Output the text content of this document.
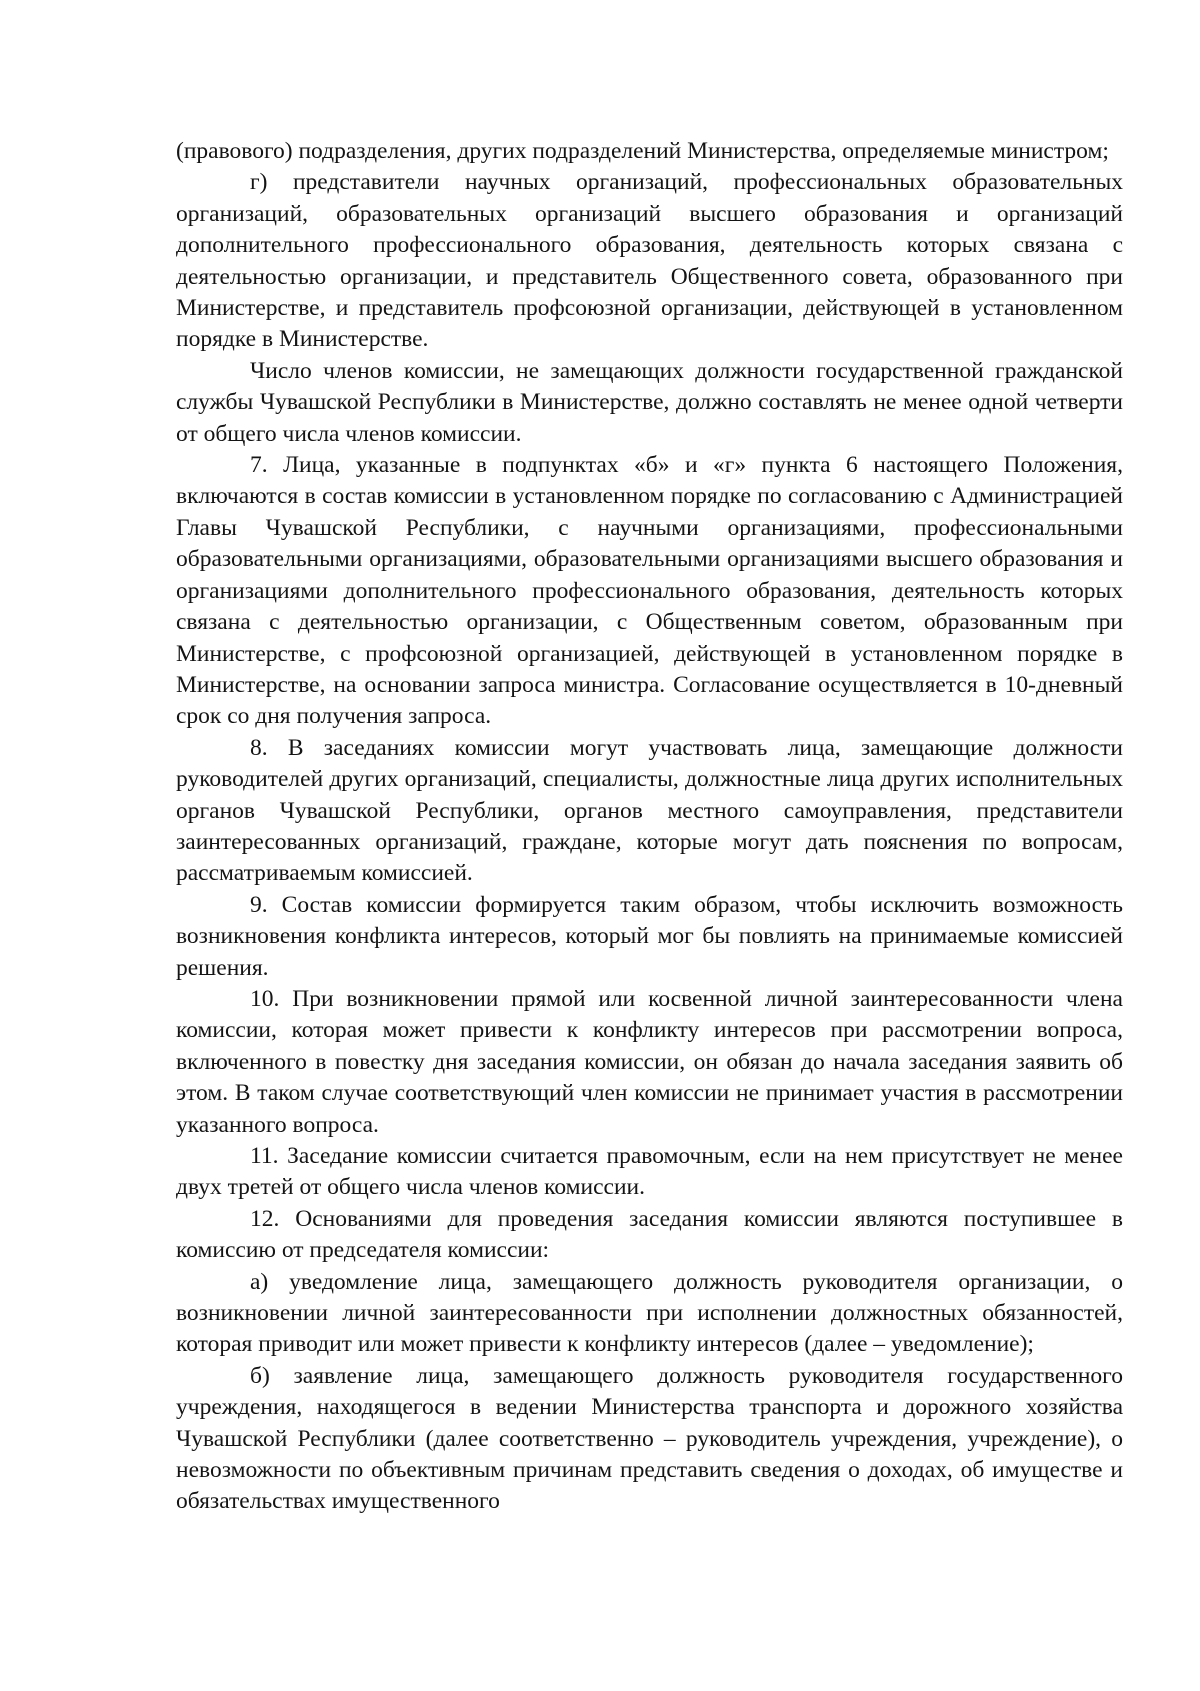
(правового) подразделения, других подразделений Министерства, определяемые министром;

г) представители научных организаций, профессиональных образовательных организаций, образовательных организаций высшего образования и организаций дополнительного профессионального образования, деятельность которых связана с деятельностью организации, и представитель Общественного совета, образованного при Министерстве, и представитель профсоюзной организации, действующей в установленном порядке в Министерстве.

Число членов комиссии, не замещающих должности государственной гражданской службы Чувашской Республики в Министерстве, должно составлять не менее одной четверти от общего числа членов комиссии.

7. Лица, указанные в подпунктах «б» и «г» пункта 6 настоящего Положения, включаются в состав комиссии в установленном порядке по согласованию с Администрацией Главы Чувашской Республики, с научными организациями, профессиональными образовательными организациями, образовательными организациями высшего образования и организациями дополнительного профессионального образования, деятельность которых связана с деятельностью организации, с Общественным советом, образованным при Министерстве, с профсоюзной организацией, действующей в установленном порядке в Министерстве, на основании запроса министра. Согласование осуществляется в 10-дневный срок со дня получения запроса.

8. В заседаниях комиссии могут участвовать лица, замещающие должности руководителей других организаций, специалисты, должностные лица других исполнительных органов Чувашской Республики, органов местного самоуправления, представители заинтересованных организаций, граждане, которые могут дать пояснения по вопросам, рассматриваемым комиссией.

9. Состав комиссии формируется таким образом, чтобы исключить возможность возникновения конфликта интересов, который мог бы повлиять на принимаемые комиссией решения.

10. При возникновении прямой или косвенной личной заинтересованности члена комиссии, которая может привести к конфликту интересов при рассмотрении вопроса, включенного в повестку дня заседания комиссии, он обязан до начала заседания заявить об этом. В таком случае соответствующий член комиссии не принимает участия в рассмотрении указанного вопроса.

11. Заседание комиссии считается правомочным, если на нем присутствует не менее двух третей от общего числа членов комиссии.

12. Основаниями для проведения заседания комиссии являются поступившее в комиссию от председателя комиссии:

а) уведомление лица, замещающего должность руководителя организации, о возникновении личной заинтересованности при исполнении должностных обязанностей, которая приводит или может привести к конфликту интересов (далее – уведомление);

б) заявление лица, замещающего должность руководителя государственного учреждения, находящегося в ведении Министерства транспорта и дорожного хозяйства Чувашской Республики (далее соответственно – руководитель учреждения, учреждение), о невозможности по объективным причинам представить сведения о доходах, об имуществе и обязательствах имущественного
